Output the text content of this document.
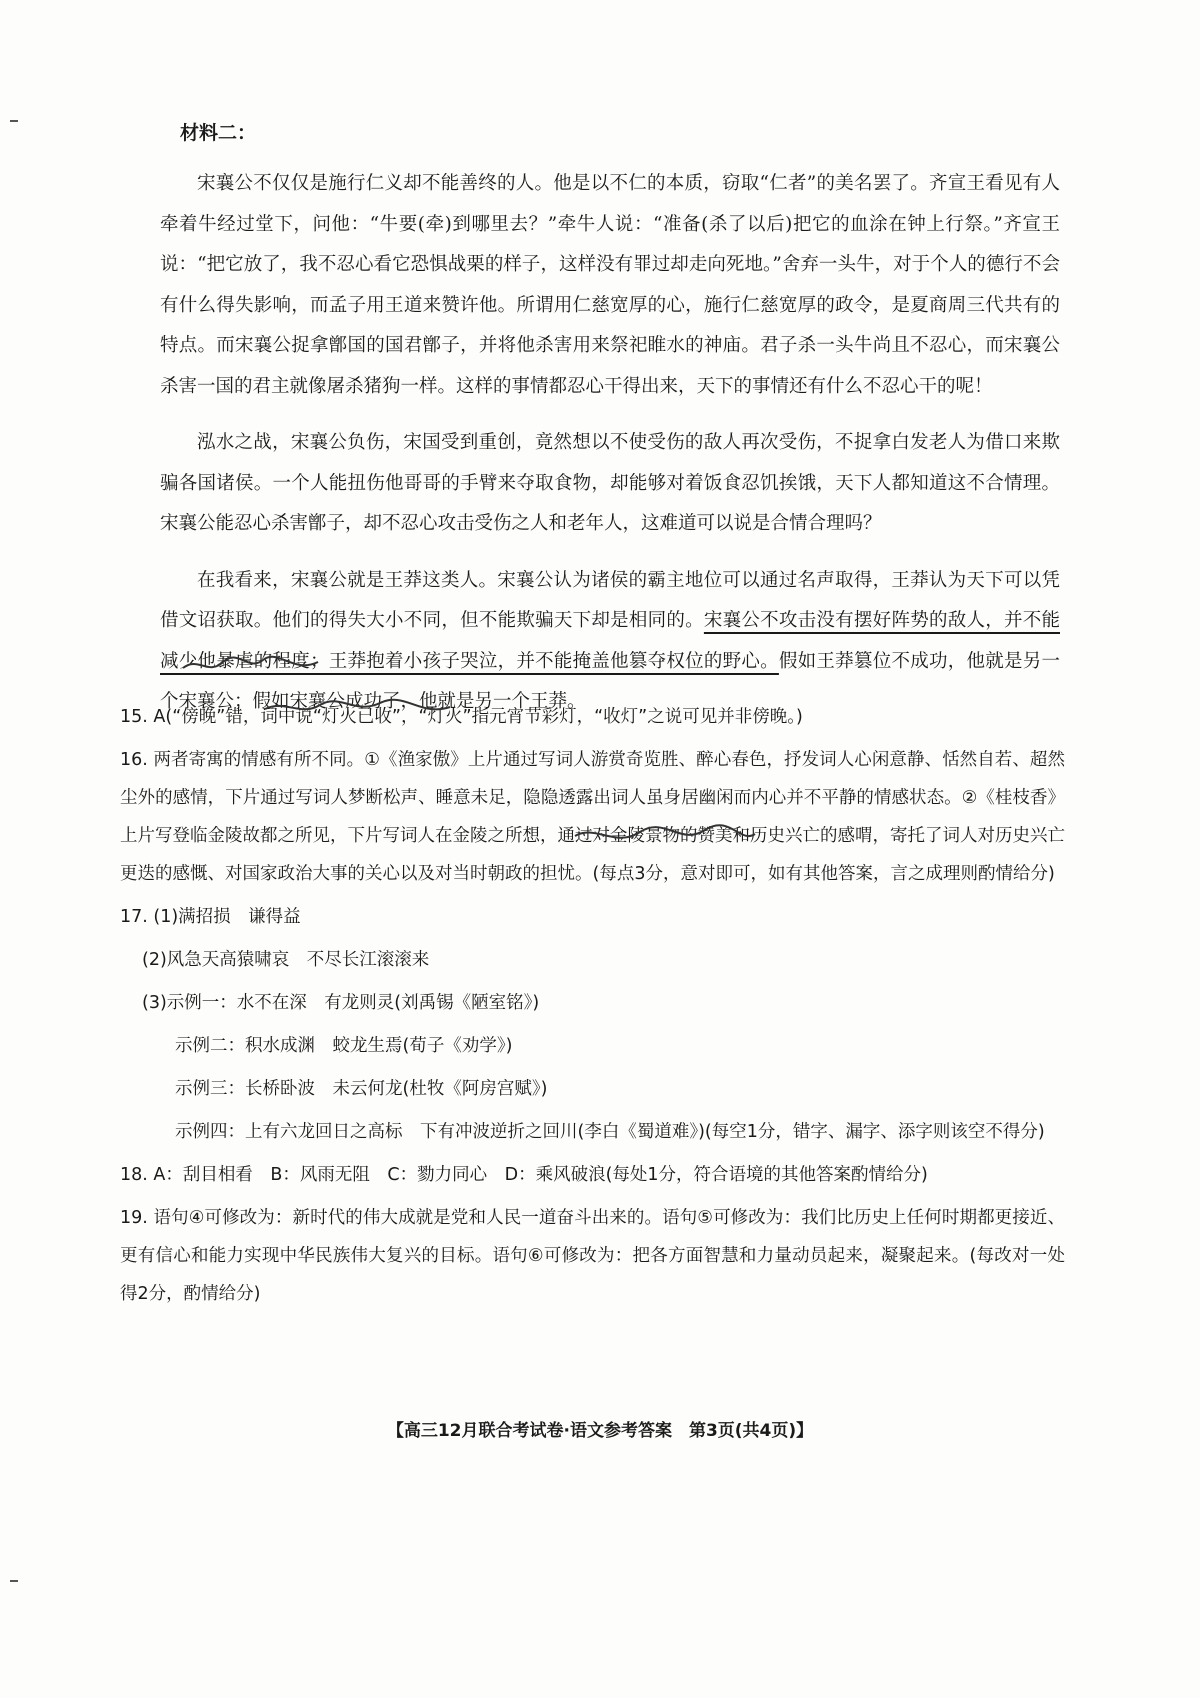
材料二：

宋襄公不仅仅是施行仁义却不能善终的人。他是以不仁的本质，窃取“仁者”的美名罢了。齐宣王看见有人牵着牛经过堂下，问他：“牛要(牵)到哪里去？”牵牛人说：“准备(杀了以后)把它的血涂在钟上行祭。”齐宣王说：“把它放了，我不忍心看它恐惧战栗的样子，这样没有罪过却走向死地。”舍弃一头牛，对于个人的德行不会有什么得失影响，而孟子用王道来赞许他。所谓用仁慈宽厚的心，施行仁慈宽厚的政令，是夏商周三代共有的特点。而宋襄公捉拿鄫国的国君鄫子，并将他杀害用来祭祀睢水的神庙。君子杀一头牛尚且不忍心，而宋襄公杀害一国的君主就像屠杀猪狗一样。这样的事情都忍心干得出来，天下的事情还有什么不忍心干的呢！

泓水之战，宋襄公负伤，宋国受到重创，竟然想以不使受伤的敌人再次受伤，不捉拿白发老人为借口来欺骗各国诸侯。一个人能扭伤他哥哥的手臂来夺取食物，却能够对着饭食忍饥挨饿，天下人都知道这不合情理。宋襄公能忍心杀害鄫子，却不忍心攻击受伤之人和老年人，这难道可以说是合情合理吗？

在我看来，宋襄公就是王莽这类人。宋襄公认为诸侯的霸主地位可以通过名声取得，王莽认为天下可以凭借文诏获取。他们的得失大小不同，但不能欺骗天下却是相同的。宋襄公不攻击没有摆好阵势的敌人，并不能减少他暴虐的程度；王莽抱着小孩子哭泣，并不能掩盖他篡夺权位的野心。假如王莽篡位不成功，他就是另一个宋襄公；假如宋襄公成功了，他就是另一个王莽。

15. A(“傍晚”错，词中说“灯火已收”，“灯火”指元宵节彩灯，“收灯”之说可见并非傍晚。)
16. 两者寄寓的情感有所不同。①《渔家傲》上片通过写词人游赏奇览胜、醉心春色，抒发词人心闲意静、恬然自若、超然尘外的感情，下片通过写词人梦断松声、睡意未足，隐隐透露出词人虽身居幽闲而内心并不平静的情感状态。②《桂枝香》上片写登临金陵故都之所见，下片写词人在金陵之所想，通过对金陵景物的赞美和历史兴亡的感喟，寄托了词人对历史兴亡更迭的感慨、对国家政治大事的关心以及对当时朝政的担忧。(每点3分，意对即可，如有其他答案，言之成理则酌情给分)
17. (1)满招损　谦得益
(2)风急天高猿啸哀　不尽长江滚滚来
(3)示例一：水不在深　有龙则灵(刘禹锡《陋室铭》)
示例二：积水成渊　蛟龙生焉(荀子《劝学》)
示例三：长桥卧波　未云何龙(杜牧《阿房宫赋》)
示例四：上有六龙回日之高标　下有冲波逆折之回川(李白《蜀道难》)(每空1分，错字、漏字、添字则该空不得分)
18. A：刮目相看　B：风雨无阻　C：勠力同心　D：乘风破浪(每处1分，符合语境的其他答案酌情给分)
19. 语句④可修改为：新时代的伟大成就是党和人民一道奋斗出来的。语句⑤可修改为：我们比历史上任何时期都更接近、更有信心和能力实现中华民族伟大复兴的目标。语句⑥可修改为：把各方面智慧和力量动员起来，凝聚起来。(每改对一处得2分，酌情给分)
【高三12月联合考试卷·语文参考答案　第3页(共4页)】
